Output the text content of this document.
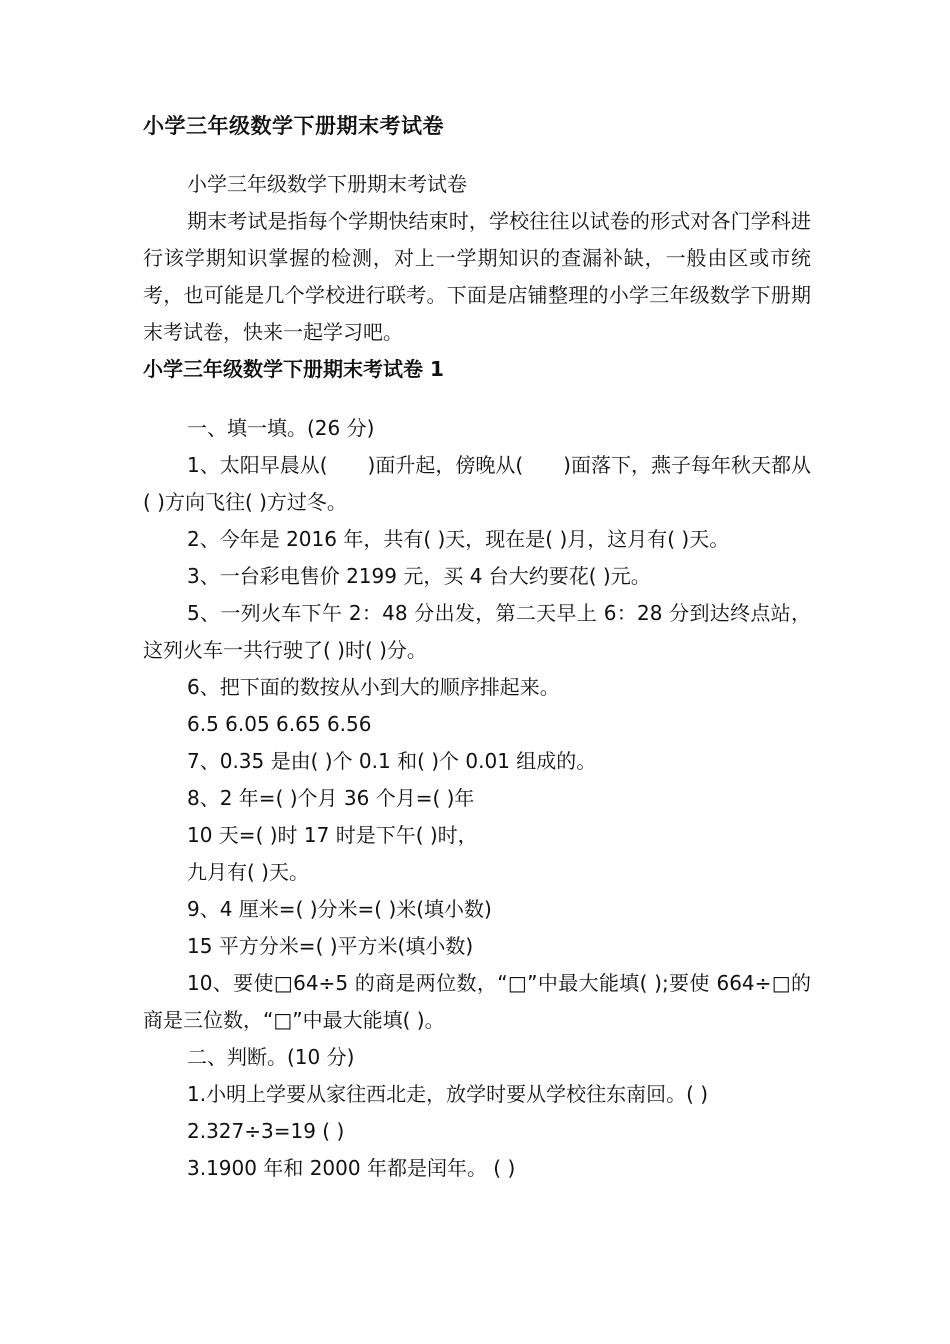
小学三年级数学下册期末考试卷

小学三年级数学下册期末考试卷

期末考试是指每个学期快结束时，学校往往以试卷的形式对各门学科进行该学期知识掌握的检测，对上一学期知识的查漏补缺，一般由区或市统考，也可能是几个学校进行联考。下面是店铺整理的小学三年级数学下册期末考试卷，快来一起学习吧。

小学三年级数学下册期末考试卷 1

一、填一填。(26 分)

1、太阳早晨从(　　)面升起，傍晚从(　　)面落下，燕子每年秋天都从( )方向飞往( )方过冬。

2、今年是 2016 年，共有( )天，现在是( )月，这月有( )天。

3、一台彩电售价 2199 元，买 4 台大约要花( )元。

5、一列火车下午 2：48 分出发，第二天早上 6：28 分到达终点站，这列火车一共行驶了( )时( )分。

6、把下面的数按从小到大的顺序排起来。

6.5 6.05 6.65 6.56

7、0.35 是由( )个 0.1 和( )个 0.01 组成的。

8、2 年=( )个月 36 个月=( )年

10 天=( )时 17 时是下午( )时，

九月有( )天。

9、4 厘米=( )分米=( )米(填小数)

15 平方分米=( )平方米(填小数)

10、要使□64÷5 的商是两位数，“□”中最大能填( );要使 664÷□的商是三位数，“□”中最大能填( )。

二、判断。(10 分)

1.小明上学要从家往西北走，放学时要从学校往东南回。( )

2.327÷3=19 ( )

3.1900 年和 2000 年都是闰年。 ( )
